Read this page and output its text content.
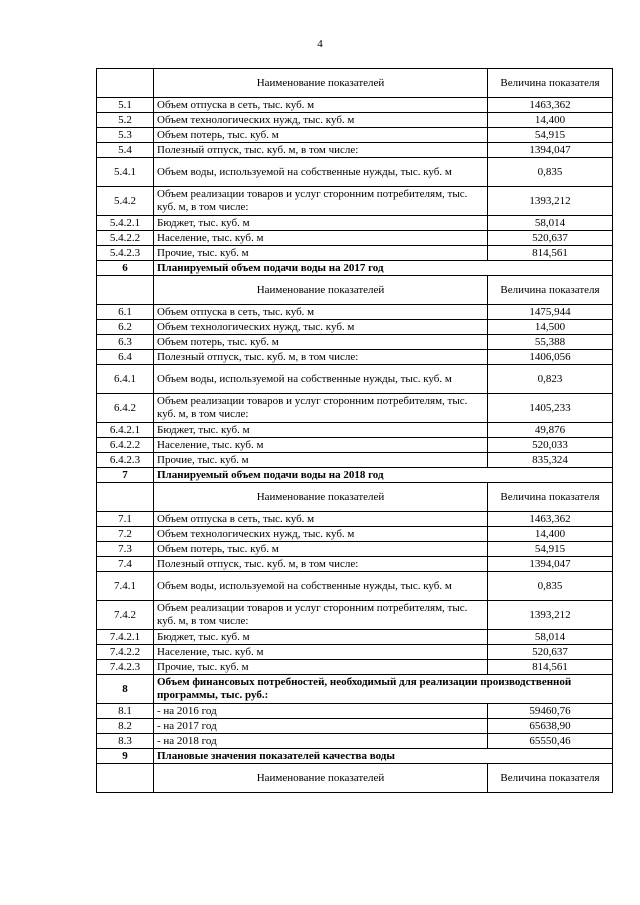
4
	Наименование показателей	Величина показателя
5.1	Объем отпуска в сеть, тыс. куб. м	1463,362
5.2	Объем технологических нужд, тыс. куб. м	14,400
5.3	Объем потерь, тыс. куб. м	54,915
5.4	Полезный отпуск, тыс. куб. м, в том числе:	1394,047
5.4.1	Объем воды, используемой на собственные нужды, тыс. куб. м	0,835
5.4.2	Объем реализации товаров и услуг сторонним потребителям, тыс. куб. м, в том числе:	1393,212
5.4.2.1	Бюджет, тыс. куб. м	58,014
5.4.2.2	Население, тыс. куб. м	520,637
5.4.2.3	Прочие, тыс. куб. м	814,561
6	Планируемый объем подачи воды на 2017 год	
	Наименование показателей	Величина показателя
6.1	Объем отпуска в сеть, тыс. куб. м	1475,944
6.2	Объем технологических нужд, тыс. куб. м	14,500
6.3	Объем потерь, тыс. куб. м	55,388
6.4	Полезный отпуск, тыс. куб. м, в том числе:	1406,056
6.4.1	Объем воды, используемой на собственные нужды, тыс. куб. м	0,823
6.4.2	Объем реализации товаров и услуг сторонним потребителям, тыс. куб. м, в том числе:	1405,233
6.4.2.1	Бюджет, тыс. куб. м	49,876
6.4.2.2	Население, тыс. куб. м	520,033
6.4.2.3	Прочие, тыс. куб. м	835,324
7	Планируемый объем подачи воды на 2018 год	
	Наименование показателей	Величина показателя
7.1	Объем отпуска в сеть, тыс. куб. м	1463,362
7.2	Объем технологических нужд, тыс. куб. м	14,400
7.3	Объем потерь, тыс. куб. м	54,915
7.4	Полезный отпуск, тыс. куб. м, в том числе:	1394,047
7.4.1	Объем воды, используемой на собственные нужды, тыс. куб. м	0,835
7.4.2	Объем реализации товаров и услуг сторонним потребителям, тыс. куб. м, в том числе:	1393,212
7.4.2.1	Бюджет, тыс. куб. м	58,014
7.4.2.2	Население, тыс. куб. м	520,637
7.4.2.3	Прочие, тыс. куб. м	814,561
8	Объем финансовых потребностей, необходимый для реализации производственной программы, тыс. руб.:	
8.1	- на 2016 год	59460,76
8.2	- на 2017 год	65638,90
8.3	- на 2018 год	65550,46
9	Плановые значения показателей качества воды	
	Наименование показателей	Величина показателя
